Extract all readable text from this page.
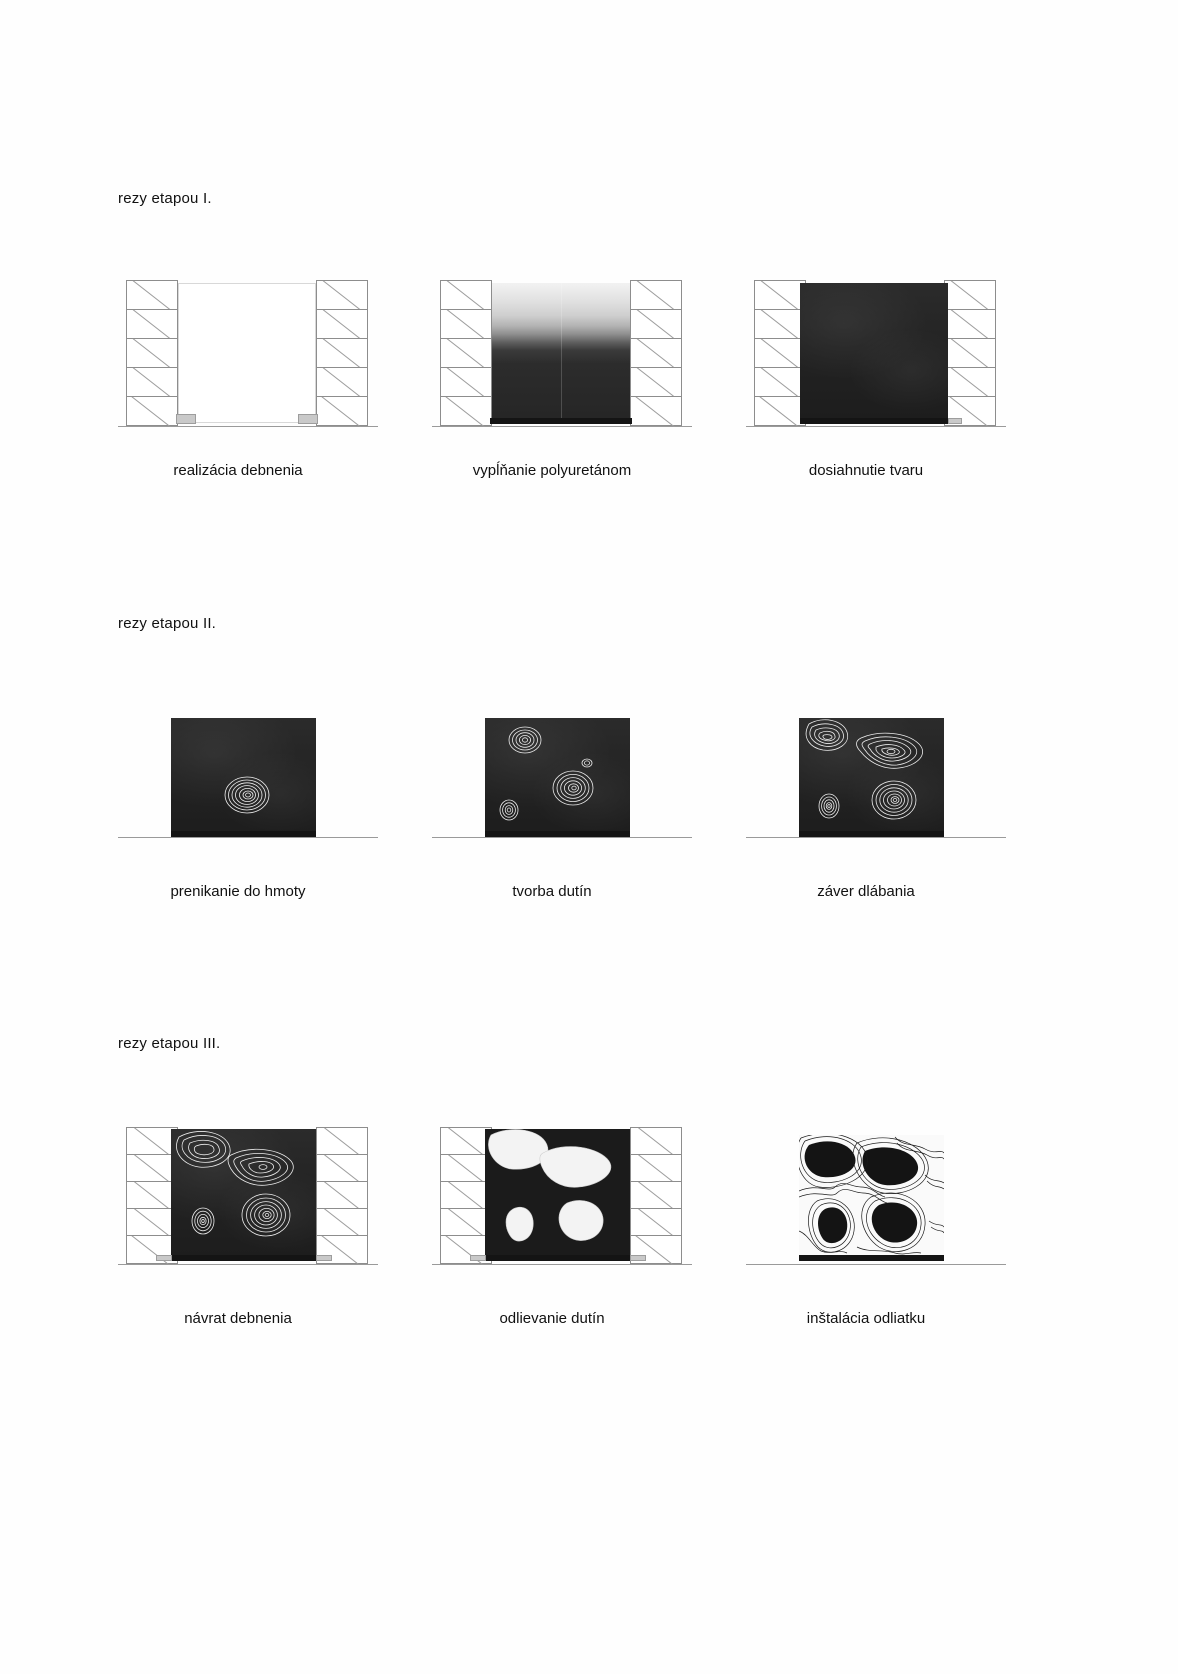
rezy etapou I.
realizácia debnenia	vypĺňanie polyuretánom	dosiahnutie tvaru
rezy etapou II.
prenikanie do hmoty	tvorba dutín	záver dlábania
rezy etapou III.
návrat debnenia	odlievanie dutín	inštalácia odliatku
